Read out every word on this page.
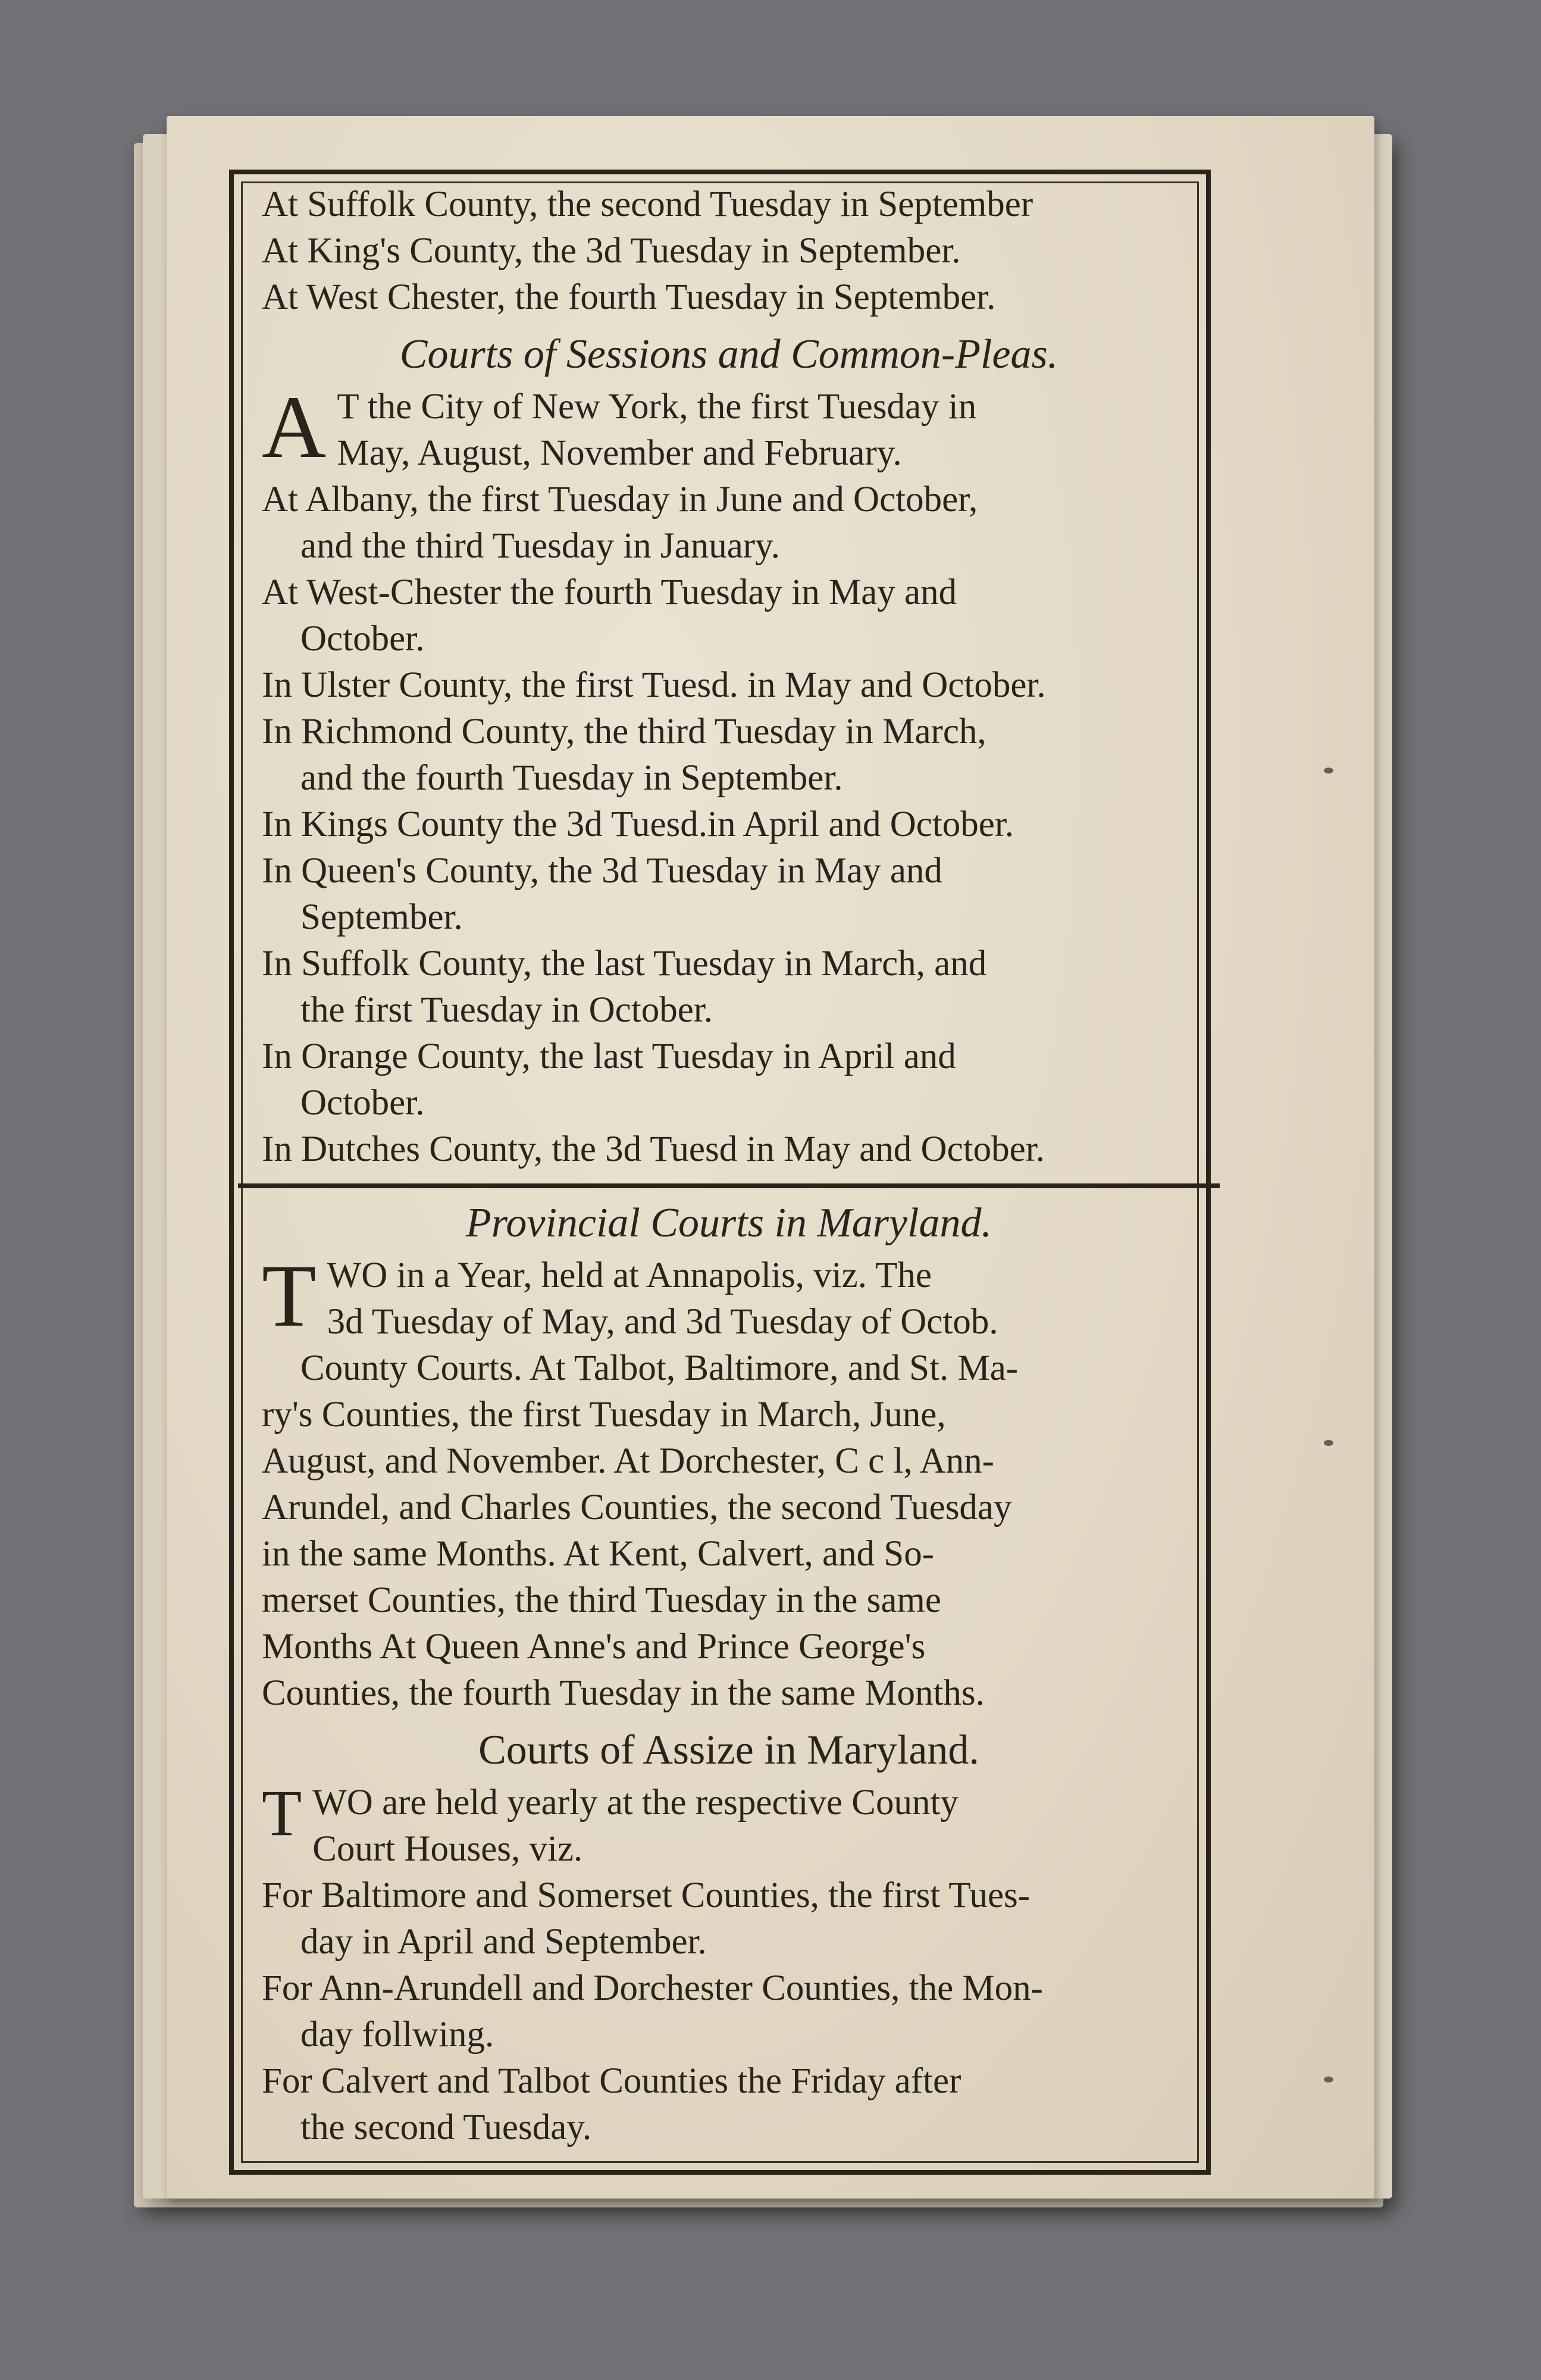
At Suffolk County, the second Tuesday in September
At King's County, the 3d Tuesday in September.
At West Chester, the fourth Tuesday in September.
Courts of Sessions and Common-Pleas.
A T the City of New York, the first Tuesday in
May, August, November and February.
At Albany, the first Tuesday in June and October,
and the third Tuesday in January.
At West-Chester the fourth Tuesday in May and
October.
In Ulster County, the first Tuesd. in May and October.
In Richmond County, the third Tuesday in March,
and the fourth Tuesday in September.
In Kings County the 3d Tuesd.in April and October.
In Queen's County, the 3d Tuesday in May and
September.
In Suffolk County, the last Tuesday in March, and
the first Tuesday in October.
In Orange County, the last Tuesday in April and
October.
In Dutches County, the 3d Tuesd in May and October.
Provincial Courts in Maryland.
T WO in a Year, held at Annapolis, viz. The
3d Tuesday of May, and 3d Tuesday of Octob.
County Courts. At Talbot, Baltimore, and St. Ma-
ry's Counties, the first Tuesday in March, June,
August, and November. At Dorchester, C c l, Ann-
Arundel, and Charles Counties, the second Tuesday
in the same Months. At Kent, Calvert, and So-
merset Counties, the third Tuesday in the same
Months At Queen Anne's and Prince George's
Counties, the fourth Tuesday in the same Months.
Courts of Assize in Maryland.
T WO are held yearly at the respective County
Court Houses, viz.
For Baltimore and Somerset Counties, the first Tues-
day in April and September.
For Ann-Arundell and Dorchester Counties, the Mon-
day follwing.
For Calvert and Talbot Counties the Friday after
the second Tuesday.
